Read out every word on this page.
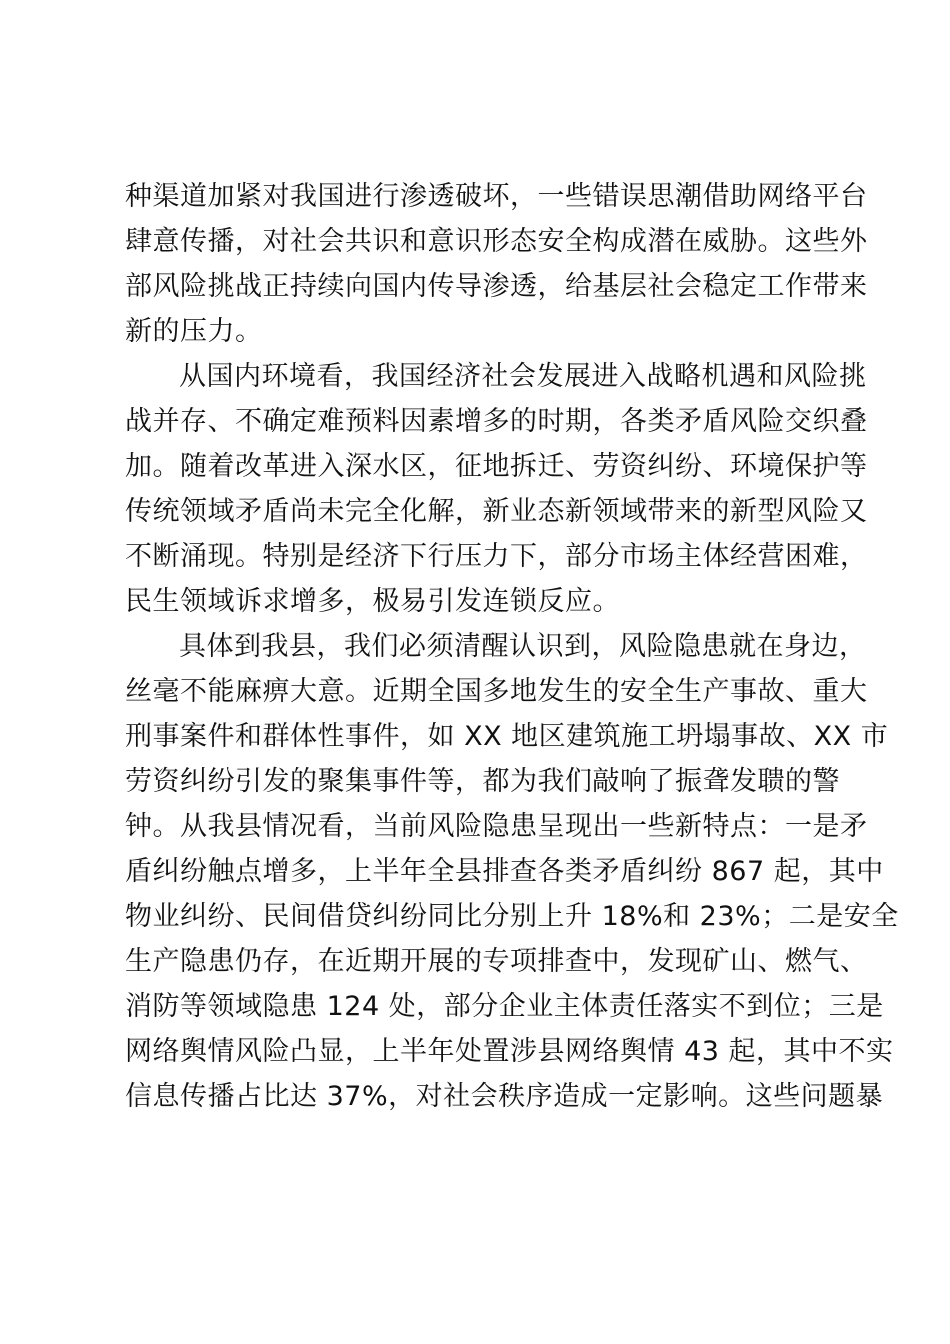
种渠道加紧对我国进行渗透破坏，一些错误思潮借助网络平台
肆意传播，对社会共识和意识形态安全构成潜在威胁。这些外
部风险挑战正持续向国内传导渗透，给基层社会稳定工作带来
新的压力。
从国内环境看，我国经济社会发展进入战略机遇和风险挑
战并存、不确定难预料因素增多的时期，各类矛盾风险交织叠
加。随着改革进入深水区，征地拆迁、劳资纠纷、环境保护等
传统领域矛盾尚未完全化解，新业态新领域带来的新型风险又
不断涌现。特别是经济下行压力下，部分市场主体经营困难，
民生领域诉求增多，极易引发连锁反应。
具体到我县，我们必须清醒认识到，风险隐患就在身边，
丝毫不能麻痹大意。近期全国多地发生的安全生产事故、重大
刑事案件和群体性事件，如 XX 地区建筑施工坍塌事故、XX 市
劳资纠纷引发的聚集事件等，都为我们敲响了振聋发聩的警
钟。从我县情况看，当前风险隐患呈现出一些新特点：一是矛
盾纠纷触点增多，上半年全县排查各类矛盾纠纷 867 起，其中
物业纠纷、民间借贷纠纷同比分别上升 18%和 23%；二是安全
生产隐患仍存，在近期开展的专项排查中，发现矿山、燃气、
消防等领域隐患 124 处，部分企业主体责任落实不到位；三是
网络舆情风险凸显，上半年处置涉县网络舆情 43 起，其中不实
信息传播占比达 37%，对社会秩序造成一定影响。这些问题暴
